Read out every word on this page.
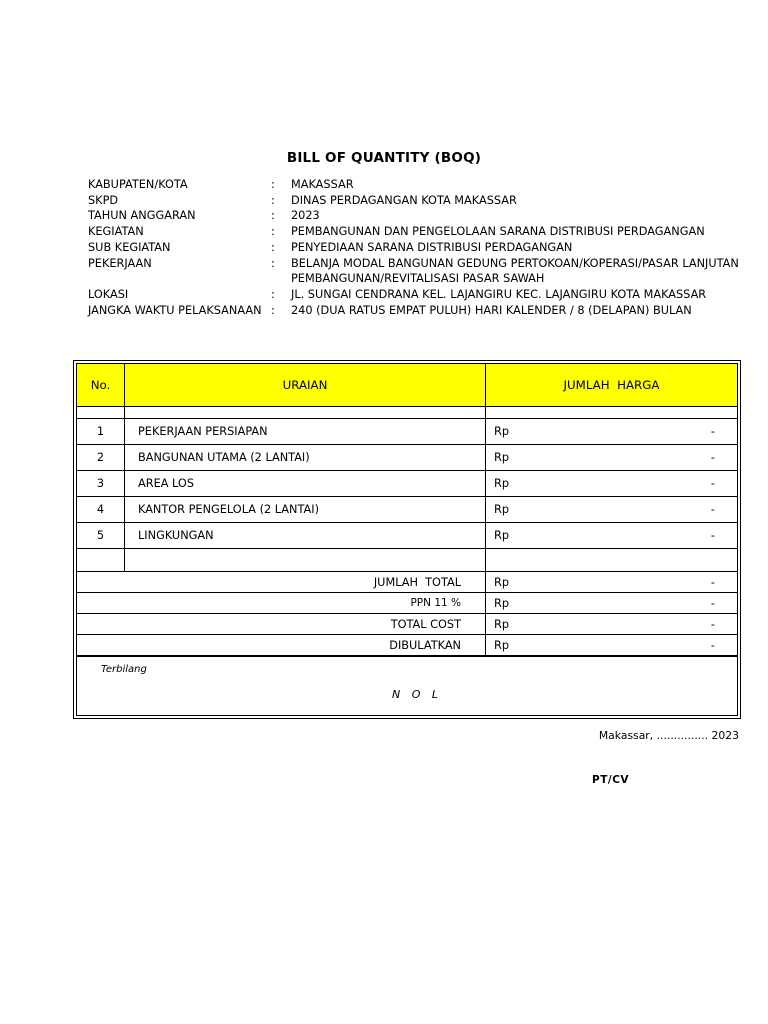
BILL OF QUANTITY (BOQ)
KABUPATEN/KOTA	:	MAKASSAR
SKPD	:	DINAS PERDAGANGAN KOTA MAKASSAR
TAHUN ANGGARAN	:	2023
KEGIATAN	:	PEMBANGUNAN DAN PENGELOLAAN SARANA DISTRIBUSI PERDAGANGAN
SUB KEGIATAN	:	PENYEDIAAN SARANA DISTRIBUSI PERDAGANGAN
PEKERJAAN	:	BELANJA MODAL BANGUNAN GEDUNG PERTOKOAN/KOPERASI/PASAR LANJUTAN PEMBANGUNAN/REVITALISASI PASAR SAWAH
LOKASI	:	JL. SUNGAI CENDRANA KEL. LAJANGIRU KEC. LAJANGIRU KOTA MAKASSAR
JANGKA WAKTU PELAKSANAAN :	240 (DUA RATUS EMPAT PULUH) HARI KALENDER / 8 (DELAPAN) BULAN
No.	URAIAN	JUMLAH  HARGA

1	PEKERJAAN PERSIAPAN	Rp -

2	BANGUNAN UTAMA (2 LANTAI)	Rp -

3	AREA LOS	Rp -

4	KANTOR PENGELOLA (2 LANTAI)	Rp -

5	LINGKUNGAN	Rp -

JUMLAH  TOTAL		Rp -

PPN 11 %		Rp -

TOTAL COST		Rp -

DIBULATKAN		Rp -

Terbilang
N O L		
Makassar, ............... 2023
PT/CV
